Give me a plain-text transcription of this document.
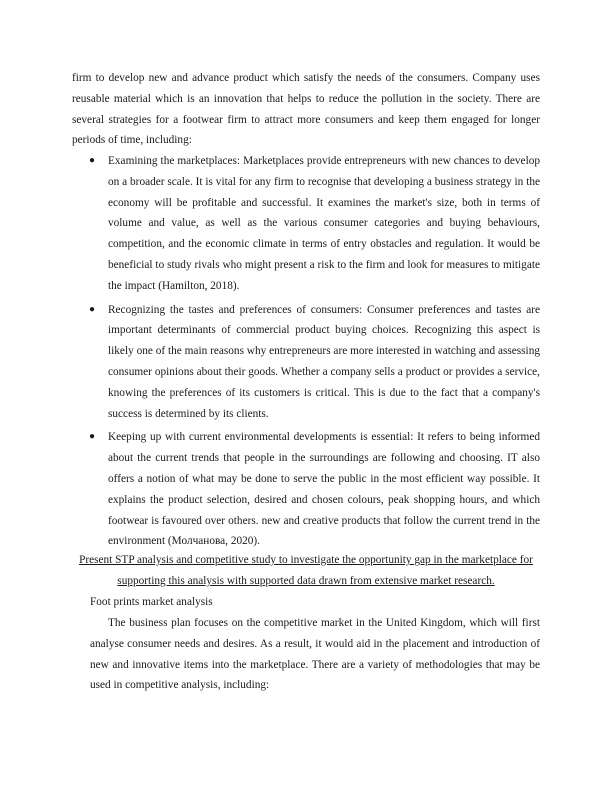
firm to develop new and advance product which satisfy the needs of the consumers. Company uses reusable material which is an innovation that helps to reduce the pollution in the society. There are several strategies for a footwear firm to attract more consumers and keep them engaged for longer periods of time, including:

● Examining the marketplaces: Marketplaces provide entrepreneurs with new chances to develop on a broader scale. It is vital for any firm to recognise that developing a business strategy in the economy will be profitable and successful. It examines the market's size, both in terms of volume and value, as well as the various consumer categories and buying behaviours, competition, and the economic climate in terms of entry obstacles and regulation. It would be beneficial to study rivals who might present a risk to the firm and look for measures to mitigate the impact (Hamilton, 2018).
● Recognizing the tastes and preferences of consumers: Consumer preferences and tastes are important determinants of commercial product buying choices. Recognizing this aspect is likely one of the main reasons why entrepreneurs are more interested in watching and assessing consumer opinions about their goods. Whether a company sells a product or provides a service, knowing the preferences of its customers is critical. This is due to the fact that a company's success is determined by its clients.
● Keeping up with current environmental developments is essential: It refers to being informed about the current trends that people in the surroundings are following and choosing. IT also offers a notion of what may be done to serve the public in the most efficient way possible. It explains the product selection, desired and chosen colours, peak shopping hours, and which footwear is favoured over others. new and creative products that follow the current trend in the environment (Молчанова, 2020).

Present STP analysis and competitive study to investigate the opportunity gap in the marketplace for supporting this analysis with supported data drawn from extensive market research.

Foot prints market analysis

The business plan focuses on the competitive market in the United Kingdom, which will first analyse consumer needs and desires. As a result, it would aid in the placement and introduction of new and innovative items into the marketplace. There are a variety of methodologies that may be used in competitive analysis, including:
